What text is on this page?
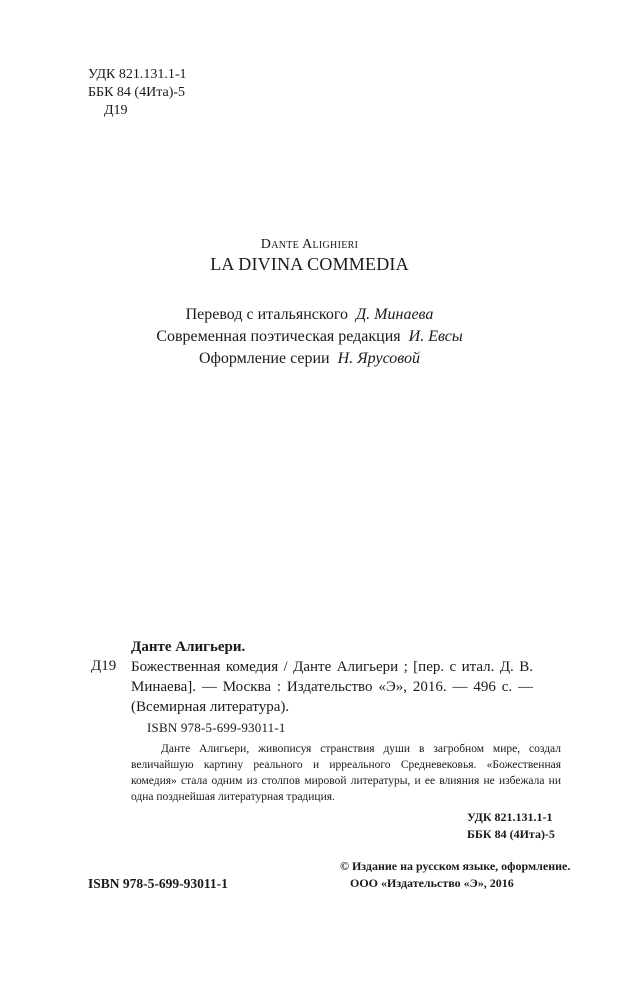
УДК 821.131.1-1
ББК 84 (4Ита)-5
Д19
Dante Alighieri
LA DIVINA COMMEDIA
Перевод с итальянского Д. Минаева
Современная поэтическая редакция И. Евсы
Оформление серии Н. Ярусовой
Данте Алигьери.
Д19 Божественная комедия / Данте Алигьери ; [пер. с итал. Д. В. Минаева]. — Москва : Издательство «Э», 2016. — 496 с. — (Всемирная литература).
ISBN 978-5-699-93011-1
Данте Алигьери, живописуя странствия души в загробном мире, создал величайшую картину реального и ирреального Средневековья. «Божественная комедия» стала одним из столпов мировой литературы, и ее влияния не избежала ни одна позднейшая литературная традиция.
УДК 821.131.1-1
ББК 84 (4Ита)-5
© Издание на русском языке, оформление.
ООО «Издательство «Э», 2016
ISBN 978-5-699-93011-1
